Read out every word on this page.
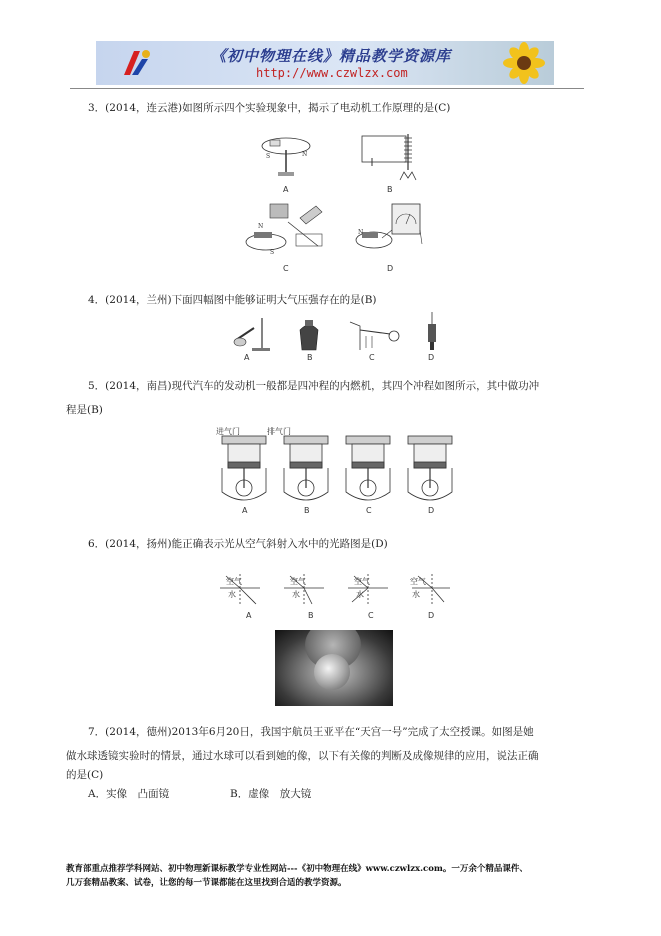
《初中物理在线》精品教学资源库
http://www.czwlzx.com
3．(2014，连云港)如图所示四个实验现象中，揭示了电动机工作原理的是(C)
S	N
A	B
N
S
C
N
D
4．(2014，兰州)下面四幅图中能够证明大气压强存在的是(B)
A	B	C	D
5．(2014，南昌)现代汽车的发动机一般都是四冲程的内燃机，其四个冲程如图所示，其中做功冲
程是(B)
进气门	排气门
A	B	C	D
6．(2014，扬州)能正确表示光从空气斜射入水中的光路图是(D)
空气
水
空气
水
空气
水
空气
水
A	B	C	D
7．(2014，德州)2013年6月20日，我国宇航员王亚平在“天宫一号”完成了太空授课。如图是她
做水球透镜实验时的情景，通过水球可以看到她的像，以下有关像的判断及成像规律的应用，说法正确
的是(C)
A．实像　凸面镜	B．虚像　放大镜
教育部重点推荐学科网站、初中物理新课标教学专业性网站---《初中物理在线》www.czwlzx.com。一万余个精品课件、
几万套精品教案、试卷，让您的每一节课都能在这里找到合适的教学资源。
